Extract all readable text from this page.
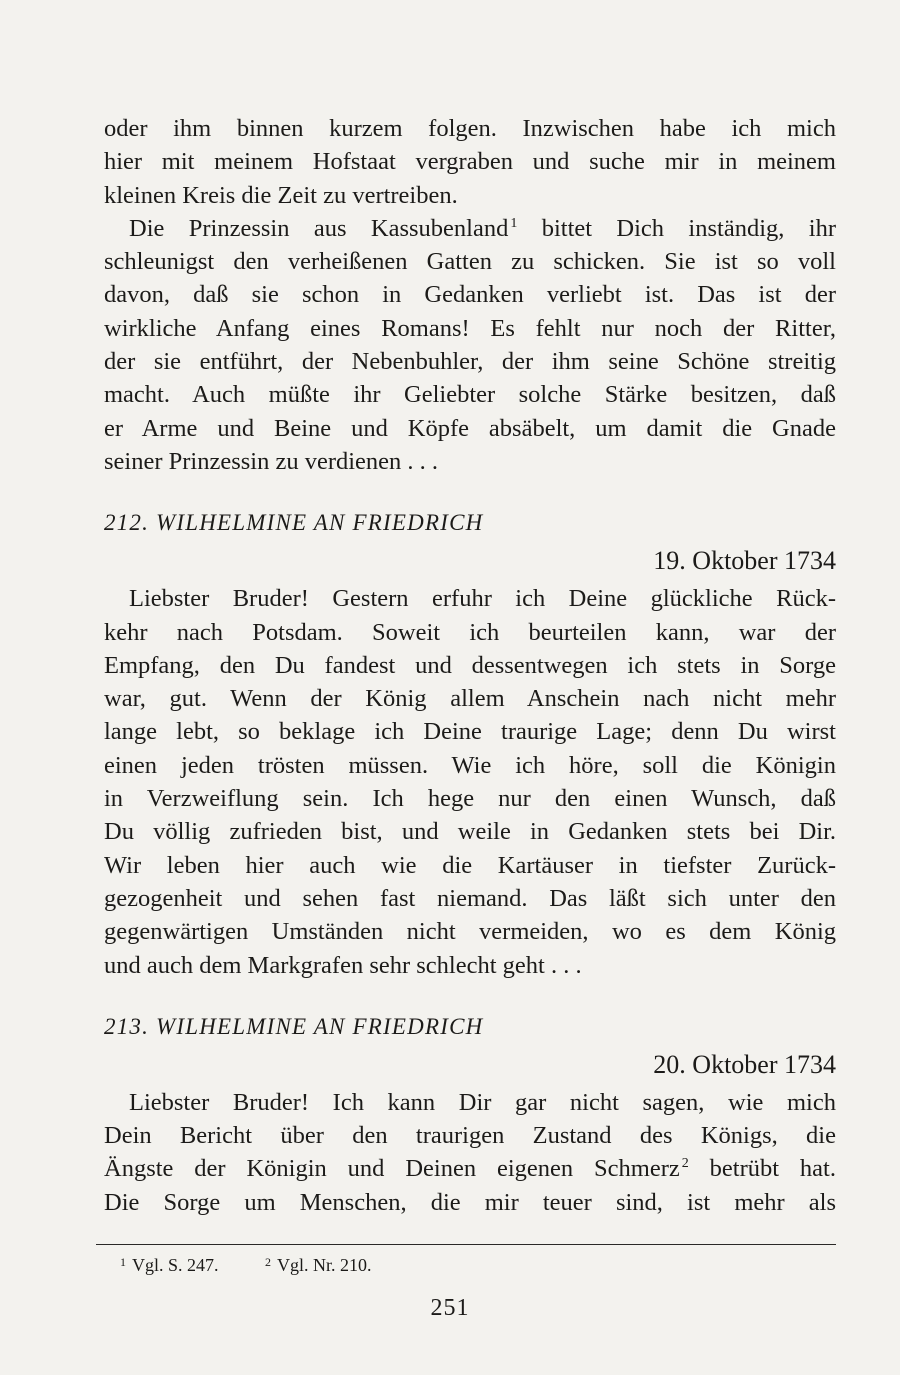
oder ihm binnen kurzem folgen. Inzwischen habe ich mich
hier mit meinem Hofstaat vergraben und suche mir in meinem
kleinen Kreis die Zeit zu vertreiben.

Die Prinzessin aus Kassubenland $^1$ bittet Dich inständig, ihr
schleunigst den verheißenen Gatten zu schicken. Sie ist so voll
davon, daß sie schon in Gedanken verliebt ist. Das ist der
wirkliche Anfang eines Romans! Es fehlt nur noch der Ritter,
der sie entführt, der Nebenbuhler, der ihm seine Schöne streitig
macht. Auch müßte ihr Geliebter solche Stärke besitzen, daß
er Arme und Beine und Köpfe absäbelt, um damit die Gnade
seiner Prinzessin zu verdienen . . .

212. WILHELMINE AN FRIEDRICH

19. Oktober 1734

Liebster Bruder! Gestern erfuhr ich Deine glückliche Rück-
kehr nach Potsdam. Soweit ich beurteilen kann, war der
Empfang, den Du fandest und dessentwegen ich stets in Sorge
war, gut. Wenn der König allem Anschein nach nicht mehr
lange lebt, so beklage ich Deine traurige Lage; denn Du wirst
einen jeden trösten müssen. Wie ich höre, soll die Königin
in Verzweiflung sein. Ich hege nur den einen Wunsch, daß
Du völlig zufrieden bist, und weile in Gedanken stets bei Dir.
Wir leben hier auch wie die Kartäuser in tiefster Zurück-
gezogenheit und sehen fast niemand. Das läßt sich unter den
gegenwärtigen Umständen nicht vermeiden, wo es dem König
und auch dem Markgrafen sehr schlecht geht . . .

213. WILHELMINE AN FRIEDRICH

20. Oktober 1734

Liebster Bruder! Ich kann Dir gar nicht sagen, wie mich
Dein Bericht über den traurigen Zustand des Königs, die
Ängste der Königin und Deinen eigenen Schmerz $^2$ betrübt hat.
Die Sorge um Menschen, die mir teuer sind, ist mehr als

$^1$ Vgl. S. 247.	$^2$ Vgl. Nr. 210.
251
